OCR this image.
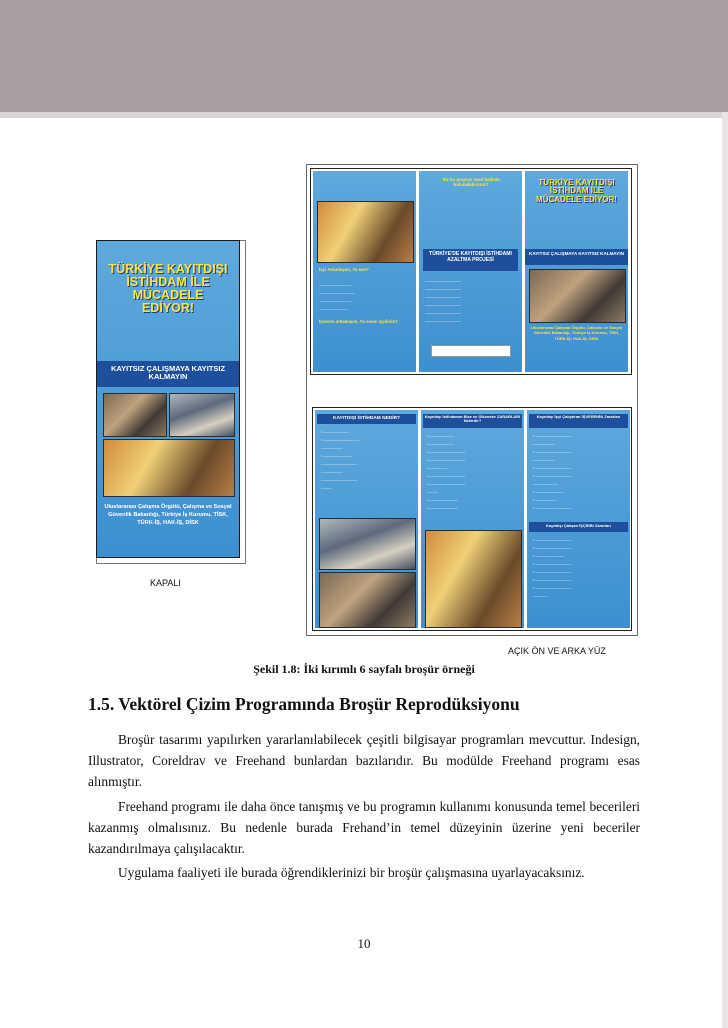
TÜRKİYE KAYITDIŞI İSTİHDAM İLE MÜCADELE EDİYOR!
KAYITSIZ ÇALIŞMAYA KAYITSIZ KALMAYIN
Uluslararası Çalışma Örgütü, Çalışma ve Sosyal Güvenlik Bakanlığı, Türkiye İş Kurumu, TİSK, TÜRK-İŞ, HAK-İŞ, DİSK
KAPALI
İşçi Arkadaşım, Ya sen?
—————————
——————————
—————————
————————
İşveren arkadaşım, Ya senin işçilerin?
Siz bu projeye nasıl katkıda bulunabilirsiniz?
TÜRKİYE'DE KAYITDIŞI İSTİHDAMI AZALTMA PROJESİ
——————————
——————————
——————————
——————————
——————————
——————————
TÜRKİYE KAYITDIŞI İSTİHDAM İLE MÜCADELE EDİYOR!
KAYITSIZ ÇALIŞMAYA KAYITSIZ KALMAYIN
Uluslararası Çalışma Örgütü, Çalışma ve Sosyal Güvenlik Bakanlığı, Türkiye İş Kurumu, TİSK, TÜRK-İŞ, HAK-İŞ, DİSK
KAYITDIŞI İSTİHDAM NEDİR?
• ———————
• ——————————
——————
• ————————
——————————
——————
——————————
———
Kayıtdışı İstihdamın Bize ve Ülkemize ZARARLARI Nelerdir?
• ———————
• ———————
• ——————————
• ——————————
• —————
• ——————————
• ——————————
———
• ————————
• ————————
Kayıtdışı İşçi Çalıştıran İŞVERENİN Zararları
• ——————————
——————
• ——————————
——————
• ——————————
• ——————————
———————
• ————————
• ——————
• ——————————
Kayıtdışı Çalışan İŞÇİNİN Zararları
• ——————————
• ——————————
• ————————
• ——————————
• ——————————
• ——————————
• ——————————
————
AÇIK ÖN VE ARKA YÜZ
Şekil 1.8: İki kırımlı 6 sayfalı broşür örneği
1.5. Vektörel Çizim Programında Broşür Reprodüksiyonu

Broşür tasarımı yapılırken yararlanılabilecek çeşitli bilgisayar programları mevcuttur. Indesign, Illustrator, Coreldrav ve Freehand bunlardan bazılarıdır. Bu modülde Freehand programı esas alınmıştır.

Freehand programı ile daha önce tanışmış ve bu programın kullanımı konusunda temel becerileri kazanmış olmalısınız. Bu nedenle burada Frehand’in temel düzeyinin üzerine yeni beceriler kazandırılmaya çalışılacaktır.

Uygulama faaliyeti ile burada öğrendiklerinizi bir broşür çalışmasına uyarlayacaksınız.

10
